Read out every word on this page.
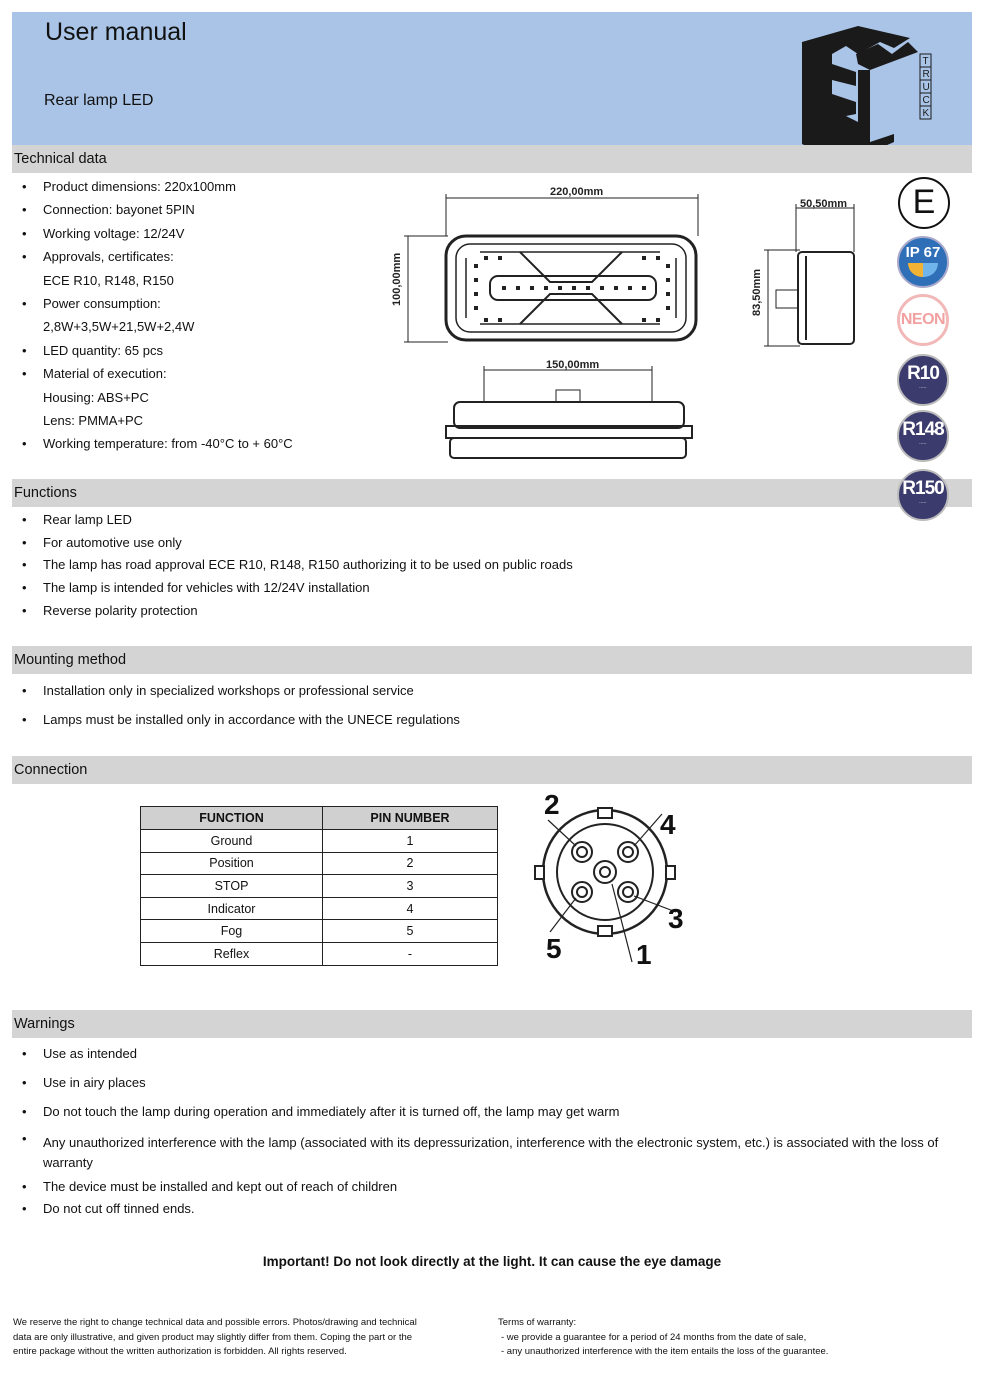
User manual
Rear lamp LED
T
R
U
C
K
Technical data
• Product dimensions: 220x100mm
• Connection: bayonet 5PIN
• Working voltage: 12/24V
• Approvals, certificates:
ECE R10, R148, R150
• Power consumption:
2,8W+3,5W+21,5W+2,4W
• LED quantity: 65 pcs
• Material of execution:
Housing: ABS+PC
Lens: PMMA+PC
• Working temperature: from -40°C to + 60°C
220,00mm
100,00mm
50,50mm
83,50mm
150,00mm
E
IP 67
NEON
R10
·····
R148
·····
Functions	R150
·····
• Rear lamp LED
• For automotive use only
• The lamp has road approval ECE R10, R148, R150 authorizing it to be used on public roads
• The lamp is intended for vehicles with 12/24V installation
• Reverse polarity protection
Mounting method
• Installation only in specialized workshops or professional service
• Lamps must be installed only in accordance with the UNECE regulations
Connection
FUNCTION	PIN NUMBER
Ground	1
Position	2
STOP	3
Indicator	4
Fog	5
Reflex	-
2
4
3
5	1
Warnings
• Use as intended
• Use in airy places
• Do not touch the lamp during operation and immediately after it is turned off, the lamp may get warm
• Any unauthorized interference with the lamp (associated with its depressurization, interference with the electronic system, etc.) is associated with the loss of warranty
• The device must be installed and kept out of reach of children
• Do not cut off tinned ends.
Important! Do not look directly at the light. It can cause the eye damage
We reserve the right to change technical data and possible errors. Photos/drawing and technical data are only illustrative, and given product may slightly differ from them. Coping the part or the entire package without the written authorization is forbidden. All rights reserved.
Terms of warranty:
- we provide a guarantee for a period of 24 months from the date of sale,
- any unauthorized interference with the item entails the loss of the guarantee.
